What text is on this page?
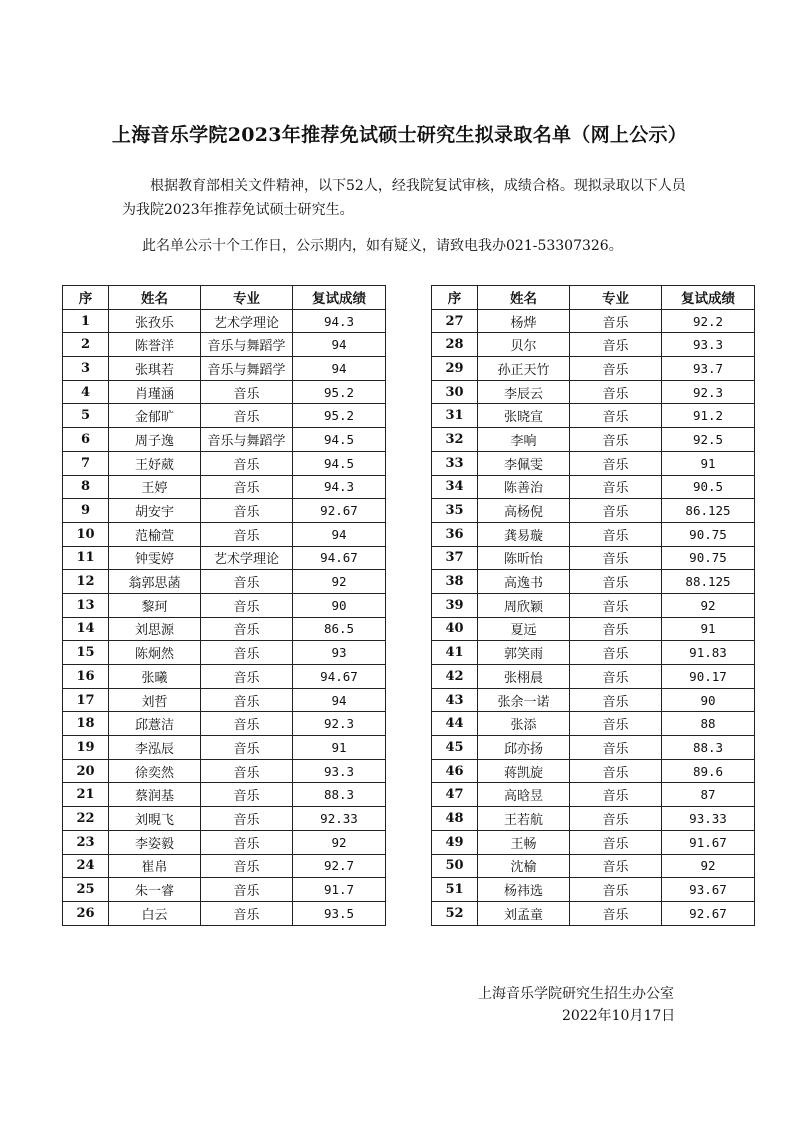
上海音乐学院2023年推荐免试硕士研究生拟录取名单（网上公示）
根据教育部相关文件精神，以下52人，经我院复试审核，成绩合格。现拟录取以下人员为我院2023年推荐免试硕士研究生。
此名单公示十个工作日，公示期内，如有疑义，请致电我办021-53307326。
序	姓名	专业	复试成绩
1	张孜乐	艺术学理论	94.3
2	陈誉洋	音乐与舞蹈学	94
3	张琪若	音乐与舞蹈学	94
4	肖瑾涵	音乐	95.2
5	金郁旷	音乐	95.2
6	周子逸	音乐与舞蹈学	94.5
7	王妤葳	音乐	94.5
8	王婷	音乐	94.3
9	胡安宇	音乐	92.67
10	范榆萱	音乐	94
11	钟雯婷	艺术学理论	94.67
12	翁郭思菡	音乐	92
13	黎珂	音乐	90
14	刘思源	音乐	86.5
15	陈炯然	音乐	93
16	张曦	音乐	94.67
17	刘哲	音乐	94
18	邱薏洁	音乐	92.3
19	李泓辰	音乐	91
20	徐奕然	音乐	93.3
21	蔡润基	音乐	88.3
22	刘晛飞	音乐	92.33
23	李姿毅	音乐	92
24	崔帛	音乐	92.7
25	朱一睿	音乐	91.7
26	白云	音乐	93.5
序	姓名	专业	复试成绩
27	杨烨	音乐	92.2
28	贝尔	音乐	93.3
29	孙正天竹	音乐	93.7
30	李辰云	音乐	92.3
31	张晓宣	音乐	91.2
32	李响	音乐	92.5
33	李佩雯	音乐	91
34	陈善治	音乐	90.5
35	高杨倪	音乐	86.125
36	龚易璇	音乐	90.75
37	陈昕怡	音乐	90.75
38	高逸书	音乐	88.125
39	周欣颖	音乐	92
40	夏远	音乐	91
41	郭笑雨	音乐	91.83
42	张栩晨	音乐	90.17
43	张余一诺	音乐	90
44	张添	音乐	88
45	邱亦扬	音乐	88.3
46	蒋凯旋	音乐	89.6
47	高晗昱	音乐	87
48	王若航	音乐	93.33
49	王畅	音乐	91.67
50	沈榆	音乐	92
51	杨祎选	音乐	93.67
52	刘孟童	音乐	92.67
上海音乐学院研究生招生办公室
2022年10月17日
